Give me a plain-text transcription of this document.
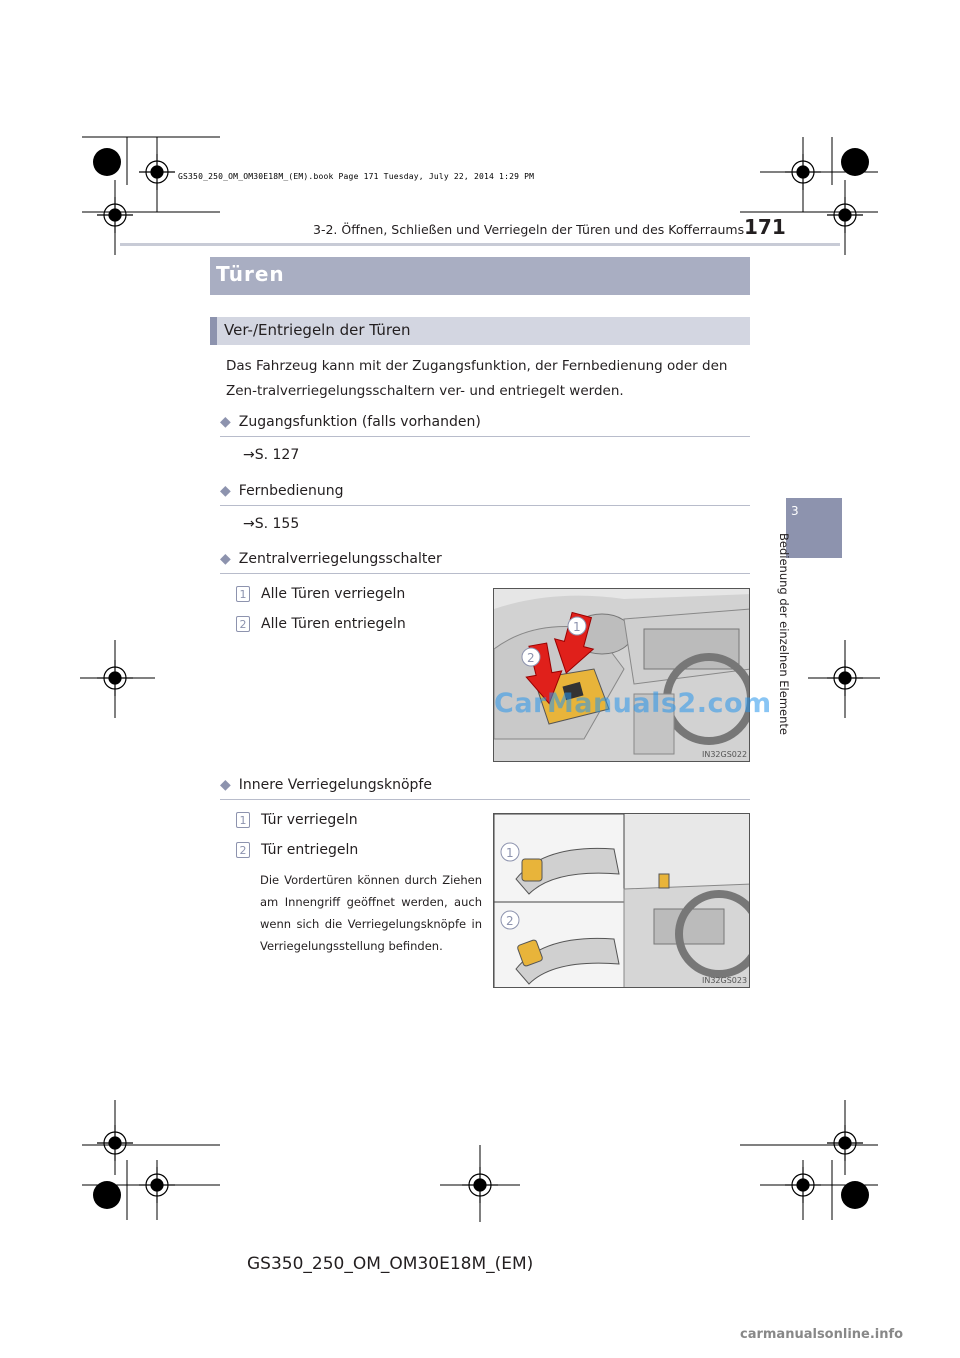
GS350_250_OM_OM30E18M_(EM).book Page 171 Tuesday, July 22, 2014 1:29 PM
3-2. Öffnen, Schließen und Verriegeln der Türen und des Kofferraums 171
3
Bedienung der einzelnen Elemente
Türen
Ver-/Entriegeln der Türen
Das Fahrzeug kann mit der Zugangsfunktion, der Fernbedienung oder den Zen-tralverriegelungsschaltern ver- und entriegelt werden.
◆ Zugangsfunktion (falls vorhanden)
→S. 127
◆ Fernbedienung
→S. 155
◆ Zentralverriegelungsschalter
1 Alle Türen verriegeln
2 Alle Türen entriegeln	1
2
IN32GS022
◆ Innere Verriegelungsknöpfe
1 Tür verriegeln
2 Tür entriegeln
Die Vordertüren können durch Ziehen am Innengriff geöffnet werden, auch wenn sich die Verriegelungsknöpfe in Verriegelungsstellung befinden.
1
2
IN32GS023
CarManuals2.com
GS350_250_OM_OM30E18M_(EM)
carmanualsonline.info
